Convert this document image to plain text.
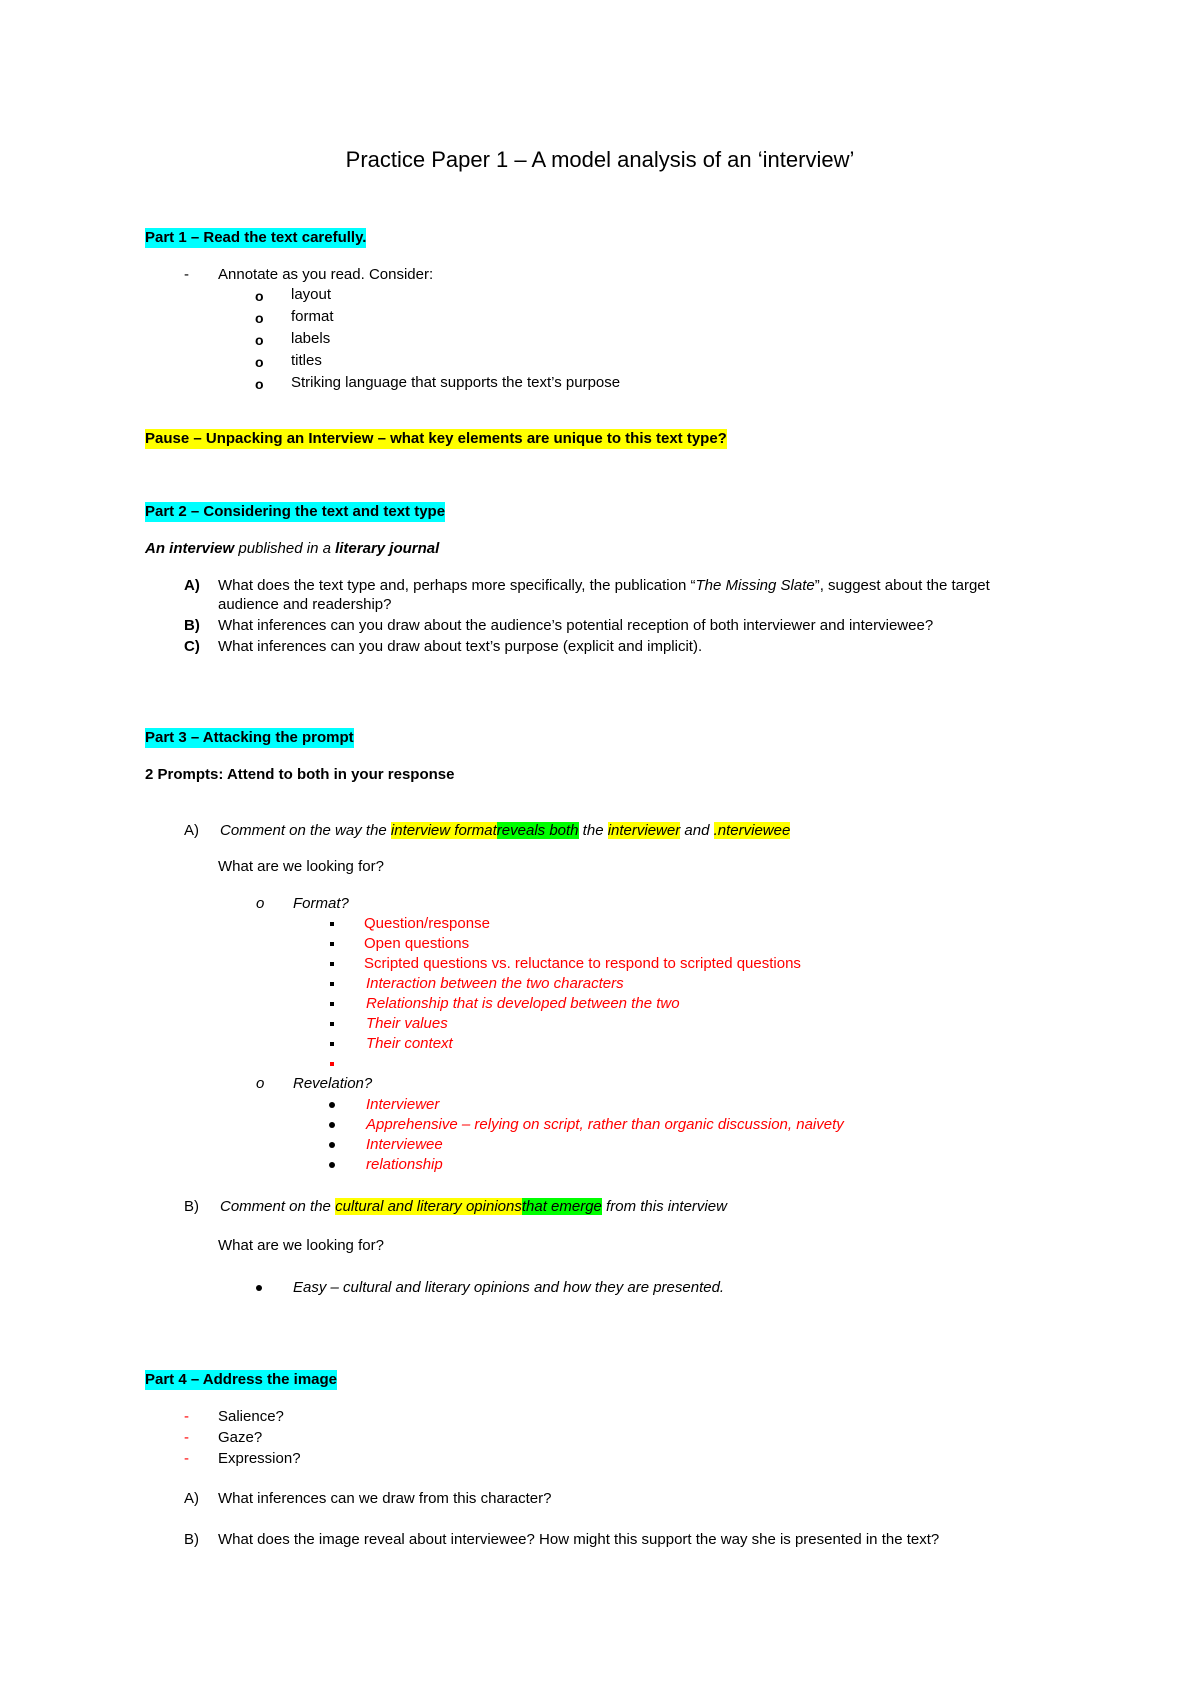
Practice Paper 1 – A model analysis of an ‘interview’
Part 1 – Read the text carefully.
- Annotate as you read. Consider:
o layout
o format
o labels
o titles
o Striking language that supports the text’s purpose
Pause – Unpacking an Interview – what key elements are unique to this text type?
Part 2 – Considering the text and text type
An interview published in a literary journal
A) What does the text type and, perhaps more specifically, the publication “The Missing Slate”, suggest about the target
audience and readership?
B) What inferences can you draw about the audience’s potential reception of both interviewer and interviewee?
C) What inferences can you draw about text’s purpose (explicit and implicit).
Part 3 – Attacking the prompt
2 Prompts: Attend to both in your response
A) Comment on the way the interview formatreveals both the interviewer and .nterviewee
What are we looking for?
o Format?
Question/response
Open questions
Scripted questions vs. reluctance to respond to scripted questions
Interaction between the two characters
Relationship that is developed between the two
Their values
Their context
o Revelation?
Interviewer
Apprehensive – relying on script, rather than organic discussion, naivety
Interviewee
relationship
B) Comment on the cultural and literary opinionsthat emerge from this interview
What are we looking for?
Easy – cultural and literary opinions and how they are presented.
Part 4 – Address the image
- Salience?
- Gaze?
- Expression?
A) What inferences can we draw from this character?
B) What does the image reveal about interviewee? How might this support the way she is presented in the text?
